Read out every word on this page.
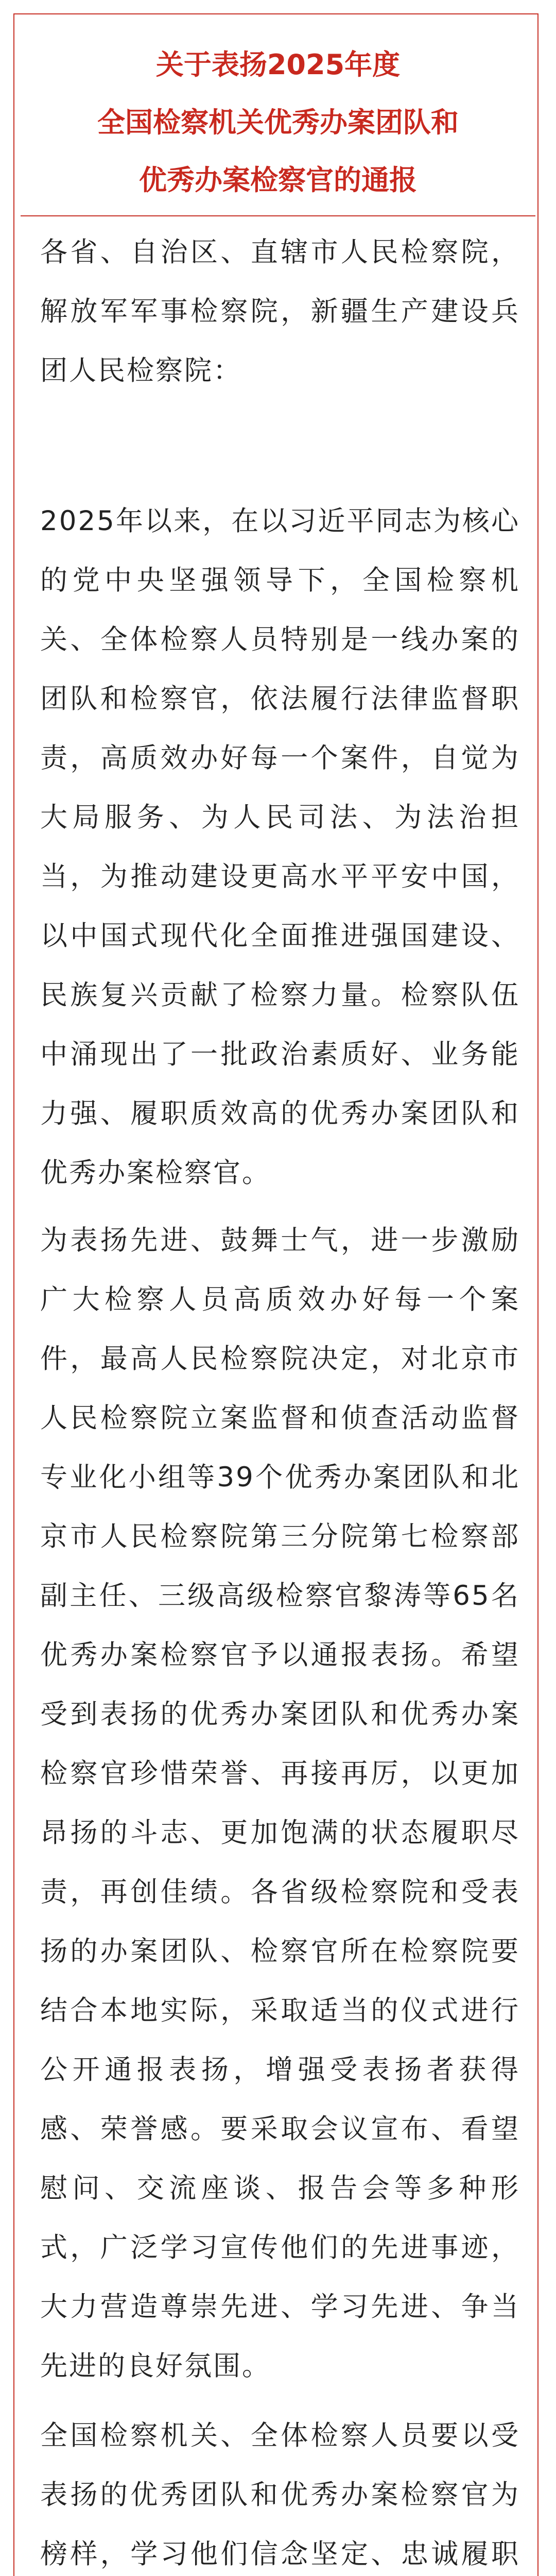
关于表扬2025年度
全国检察机关优秀办案团队和
优秀办案检察官的通报
各省、自治区、直辖市人民检察院，解放军军事检察院，新疆生产建设兵团人民检察院：
2025年以来，在以习近平同志为核心的党中央坚强领导下，全国检察机关、全体检察人员特别是一线办案的团队和检察官，依法履行法律监督职责，高质效办好每一个案件，自觉为大局服务、为人民司法、为法治担当，为推动建设更高水平平安中国，以中国式现代化全面推进强国建设、民族复兴贡献了检察力量。检察队伍中涌现出了一批政治素质好、业务能力强、履职质效高的优秀办案团队和优秀办案检察官。
为表扬先进、鼓舞士气，进一步激励广大检察人员高质效办好每一个案件，最高人民检察院决定，对北京市人民检察院立案监督和侦查活动监督专业化小组等39个优秀办案团队和北京市人民检察院第三分院第七检察部副主任、三级高级检察官黎涛等65名优秀办案检察官予以通报表扬。希望受到表扬的优秀办案团队和优秀办案检察官珍惜荣誉、再接再厉，以更加昂扬的斗志、更加饱满的状态履职尽责，再创佳绩。各省级检察院和受表扬的办案团队、检察官所在检察院要结合本地实际，采取适当的仪式进行公开通报表扬，增强受表扬者获得感、荣誉感。要采取会议宣布、看望慰问、交流座谈、报告会等多种形式，广泛学习宣传他们的先进事迹，大力营造尊崇先进、学习先进、争当先进的良好氛围。
全国检察机关、全体检察人员要以受表扬的优秀团队和优秀办案检察官为榜样，学习他们信念坚定、忠诚履职
